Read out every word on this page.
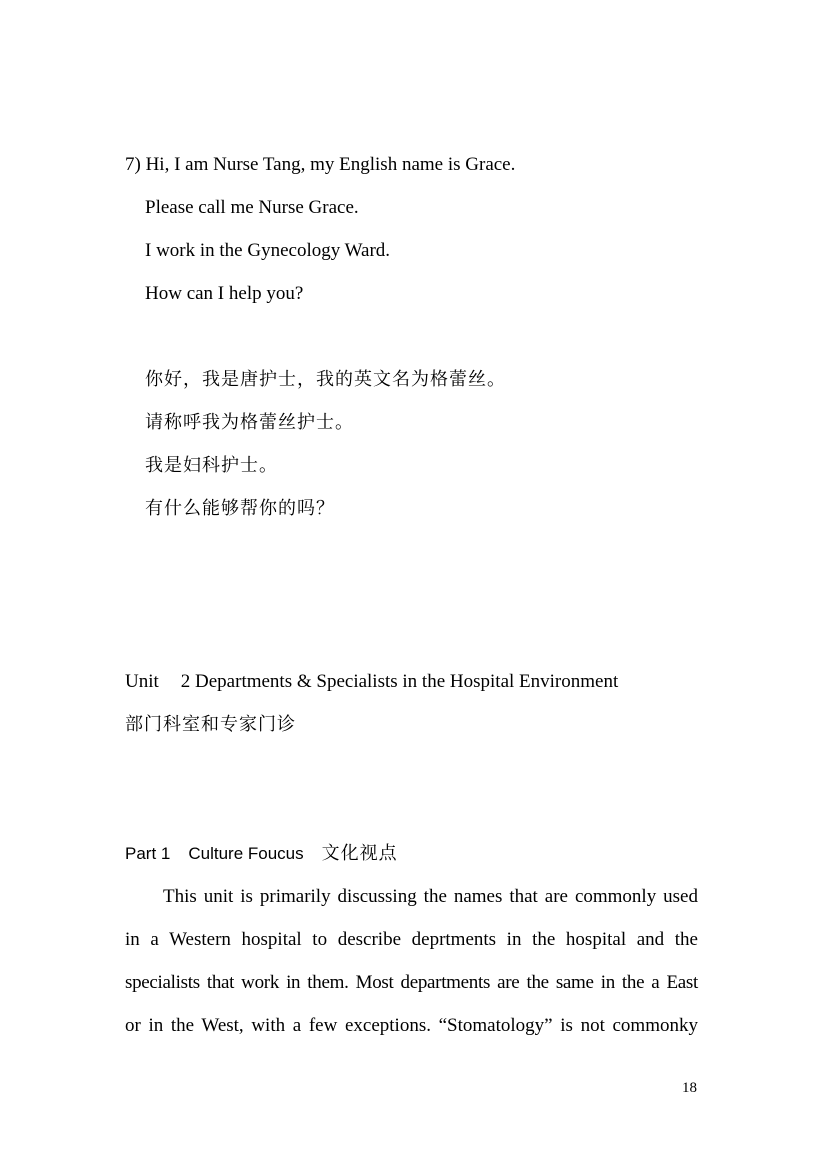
7) Hi, I am Nurse Tang, my English name is Grace.
Please call me Nurse Grace.
I work in the Gynecology Ward.
How can I help you?
你好，我是唐护士，我的英文名为格蕾丝。
请称呼我为格蕾丝护士。
我是妇科护士。
有什么能够帮你的吗？
Unit 2 Departments & Specialists in the Hospital Environment
部门科室和专家门诊
Part 1 Culture Foucus 文化视点
This unit is primarily discussing the names that are commonly used
in a Western hospital to describe deprtments in the hospital and the
specialists that work in them. Most departments are the same in the a East
or in the West, with a few exceptions. “Stomatology” is not commonky
18
